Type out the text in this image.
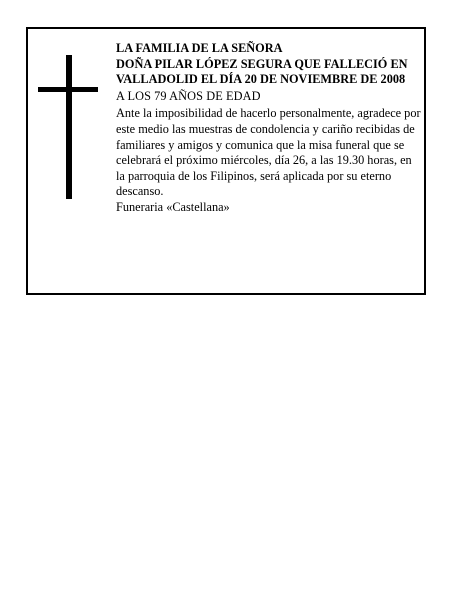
LA FAMILIA DE LA SEÑORA

DOÑA PILAR LÓPEZ SEGURA QUE FALLECIÓ EN VALLADOLID EL DÍA 20 DE NOVIEMBRE DE 2008

A LOS 79 AÑOS DE EDAD

Ante la imposibilidad de hacerlo personalmente, agradece por este medio las muestras de condolencia y cariño recibidas de familiares y amigos y comunica que la misa funeral que se celebrará el próximo miércoles, día 26, a las 19.30 horas, en la parroquia de los Filipinos, será aplicada por su eterno descanso.

Funeraria «Castellana»
